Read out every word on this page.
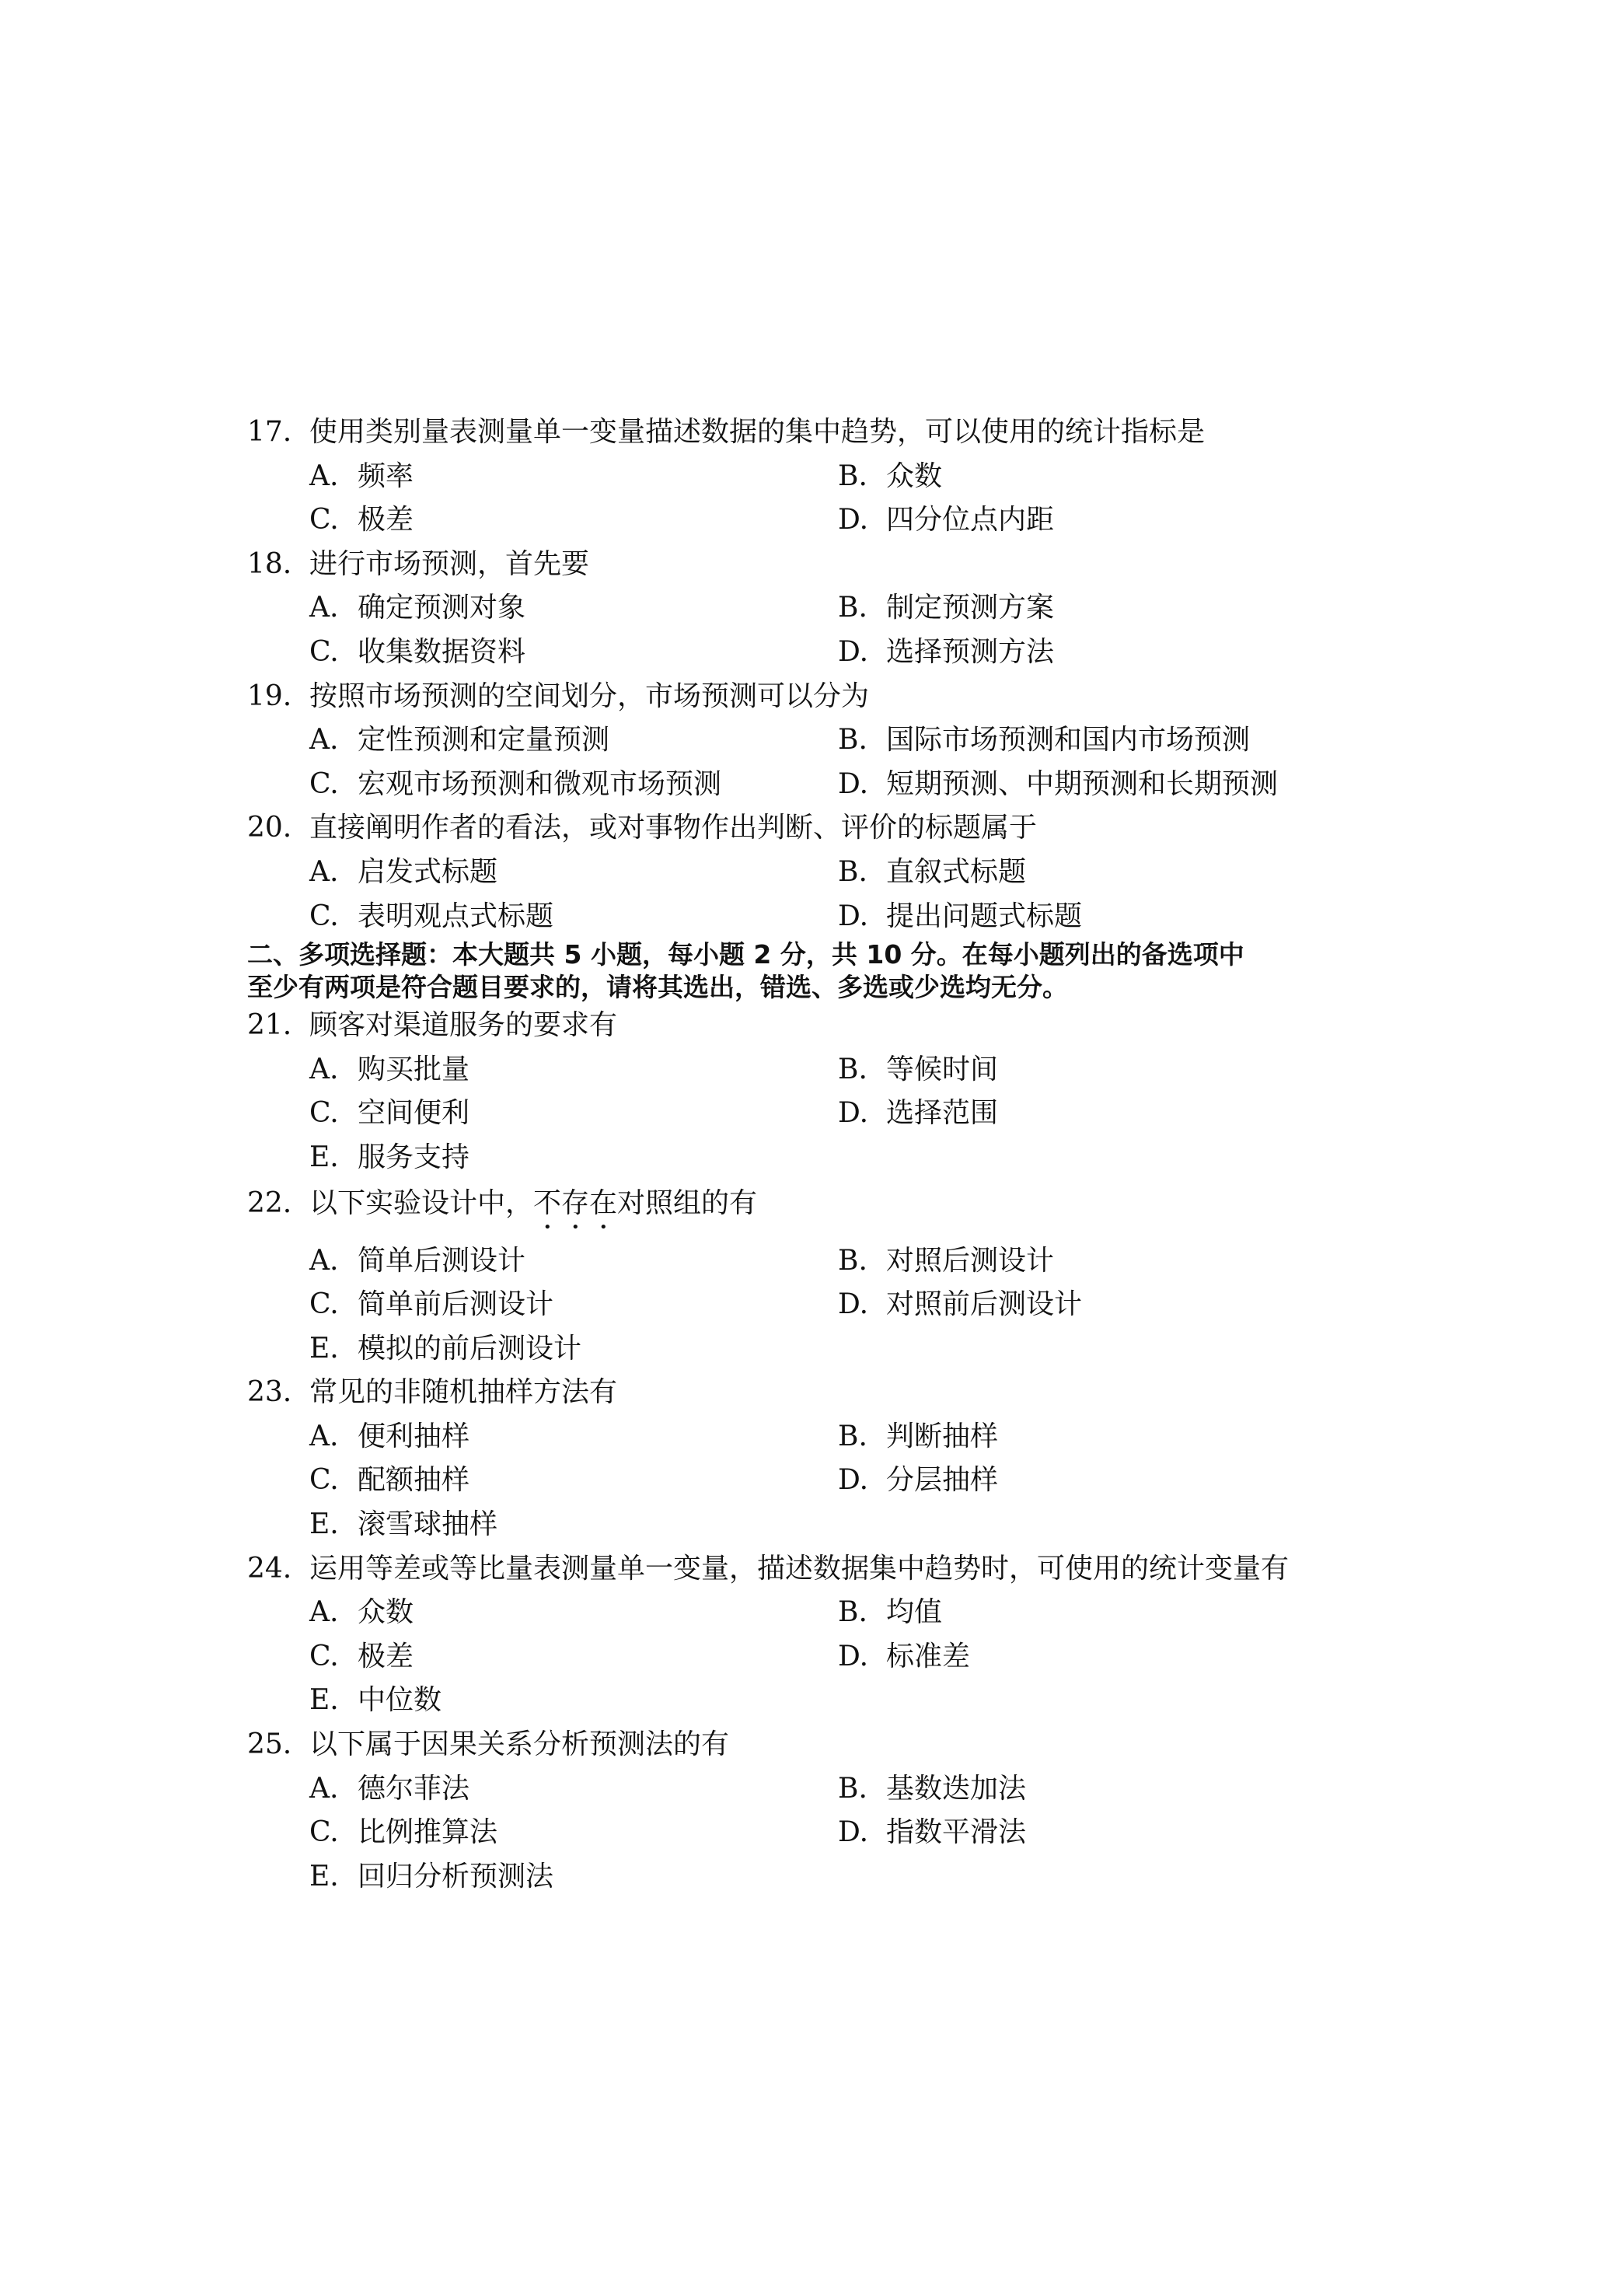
17. 使用类别量表测量单一变量描述数据的集中趋势，可以使用的统计指标是
A. 频率	B. 众数
C. 极差	D. 四分位点内距
18. 进行市场预测，首先要
A. 确定预测对象	B. 制定预测方案
C. 收集数据资料	D. 选择预测方法
19. 按照市场预测的空间划分，市场预测可以分为
A. 定性预测和定量预测	B. 国际市场预测和国内市场预测
C. 宏观市场预测和微观市场预测	D. 短期预测、中期预测和长期预测
20. 直接阐明作者的看法，或对事物作出判断、评价的标题属于
A. 启发式标题	B. 直叙式标题
C. 表明观点式标题	D. 提出问题式标题
二、多项选择题：本大题共 5 小题，每小题 2 分，共 10 分。在每小题列出的备选项中
至少有两项是符合题目要求的，请将其选出，错选、多选或少选均无分。
21. 顾客对渠道服务的要求有
A. 购买批量	B. 等候时间
C. 空间便利	D. 选择范围
E. 服务支持
22. 以下实验设计中，不存在对照组的有
A. 简单后测设计	B. 对照后测设计
C. 简单前后测设计	D. 对照前后测设计
E. 模拟的前后测设计
23. 常见的非随机抽样方法有
A. 便利抽样	B. 判断抽样
C. 配额抽样	D. 分层抽样
E. 滚雪球抽样
24. 运用等差或等比量表测量单一变量，描述数据集中趋势时，可使用的统计变量有
A. 众数	B. 均值
C. 极差	D. 标准差
E. 中位数
25. 以下属于因果关系分析预测法的有
A. 德尔菲法	B. 基数迭加法
C. 比例推算法	D. 指数平滑法
E. 回归分析预测法
